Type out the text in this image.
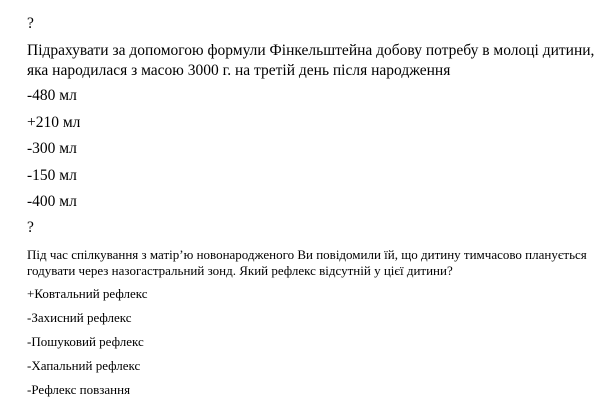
?
Підрахувати за допомогою формули Фінкельштейна добову потребу в молоці дитини, яка народилася з масою 3000 г. на третій день після народження
-480 мл
+210 мл
-300 мл
-150 мл
-400 мл
?
Під час спілкування з матір’ю новонародженого Ви повідомили їй, що дитину тимчасово планується годувати через назогастральний зонд. Який рефлекс відсутній у цієї дитини?
+Ковтальний рефлекс
-Захисний рефлекс
-Пошуковий рефлекс
-Хапальний рефлекс
-Рефлекс повзання
